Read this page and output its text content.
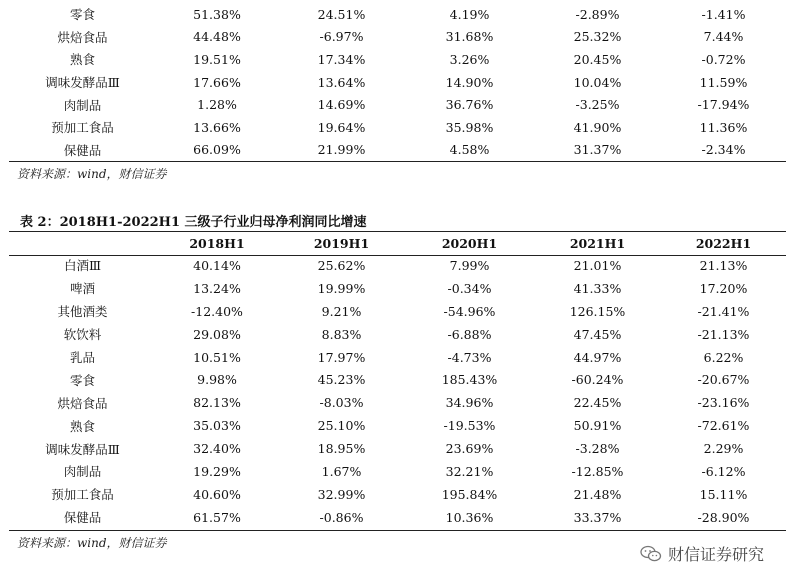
零食	51.38%	24.51%	4.19%	-2.89%	-1.41%
烘焙食品	44.48%	-6.97%	31.68%	25.32%	7.44%
熟食	19.51%	17.34%	3.26%	20.45%	-0.72%
调味发酵品Ⅲ	17.66%	13.64%	14.90%	10.04%	11.59%
肉制品	1.28%	14.69%	36.76%	-3.25%	-17.94%
预加工食品	13.66%	19.64%	35.98%	41.90%	11.36%
保健品	66.09%	21.99%	4.58%	31.37%	-2.34%
资料来源：wind，财信证券
表 2：2018H1-2022H1 三级子行业归母净利润同比增速
	2018H1	2019H1	2020H1	2021H1	2022H1
白酒Ⅲ	40.14%	25.62%	7.99%	21.01%	21.13%
啤酒	13.24%	19.99%	-0.34%	41.33%	17.20%
其他酒类	-12.40%	9.21%	-54.96%	126.15%	-21.41%
软饮料	29.08%	8.83%	-6.88%	47.45%	-21.13%
乳品	10.51%	17.97%	-4.73%	44.97%	6.22%
零食	9.98%	45.23%	185.43%	-60.24%	-20.67%
烘焙食品	82.13%	-8.03%	34.96%	22.45%	-23.16%
熟食	35.03%	25.10%	-19.53%	50.91%	-72.61%
调味发酵品Ⅲ	32.40%	18.95%	23.69%	-3.28%	2.29%
肉制品	19.29%	1.67%	32.21%	-12.85%	-6.12%
预加工食品	40.60%	32.99%	195.84%	21.48%	15.11%
保健品	61.57%	-0.86%	10.36%	33.37%	-28.90%
资料来源：wind，财信证券
财信证券研究
